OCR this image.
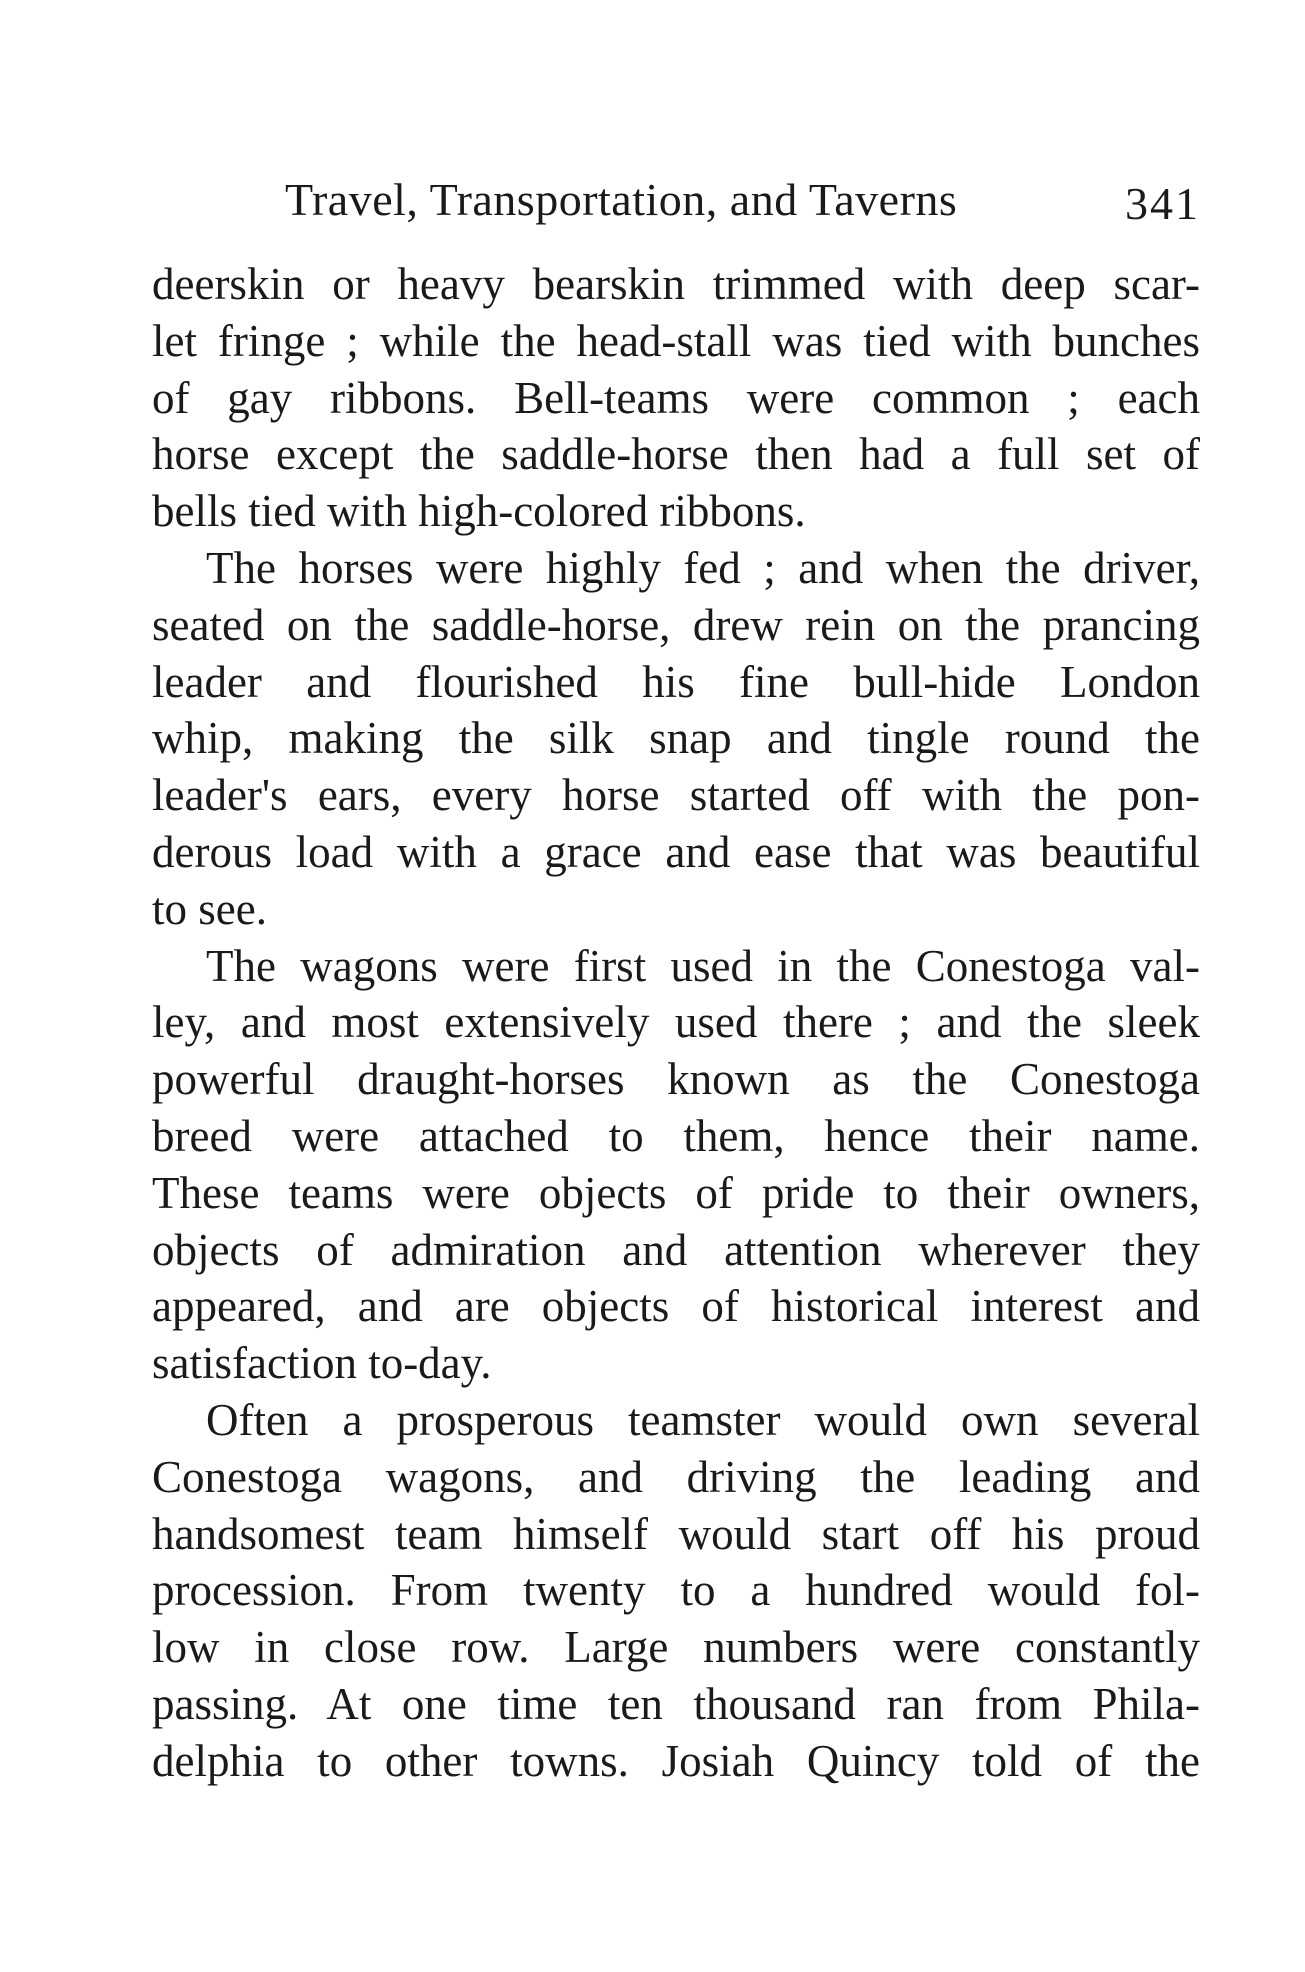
Travel, Transportation, and Taverns	341
deerskin or heavy bearskin trimmed with deep scar-
let fringe ; while the head-stall was tied with bunches
of gay ribbons. Bell-teams were common ; each
horse except the saddle-horse then had a full set of
bells tied with high-colored ribbons.
The horses were highly fed ; and when the driver,
seated on the saddle-horse, drew rein on the prancing
leader and flourished his fine bull-hide London
whip, making the silk snap and tingle round the
leader's ears, every horse started off with the pon-
derous load with a grace and ease that was beautiful
to see.
The wagons were first used in the Conestoga val-
ley, and most extensively used there ; and the sleek
powerful draught-horses known as the Conestoga
breed were attached to them, hence their name.
These teams were objects of pride to their owners,
objects of admiration and attention wherever they
appeared, and are objects of historical interest and
satisfaction to-day.
Often a prosperous teamster would own several
Conestoga wagons, and driving the leading and
handsomest team himself would start off his proud
procession. From twenty to a hundred would fol-
low in close row. Large numbers were constantly
passing. At one time ten thousand ran from Phila-
delphia to other towns. Josiah Quincy told of the
